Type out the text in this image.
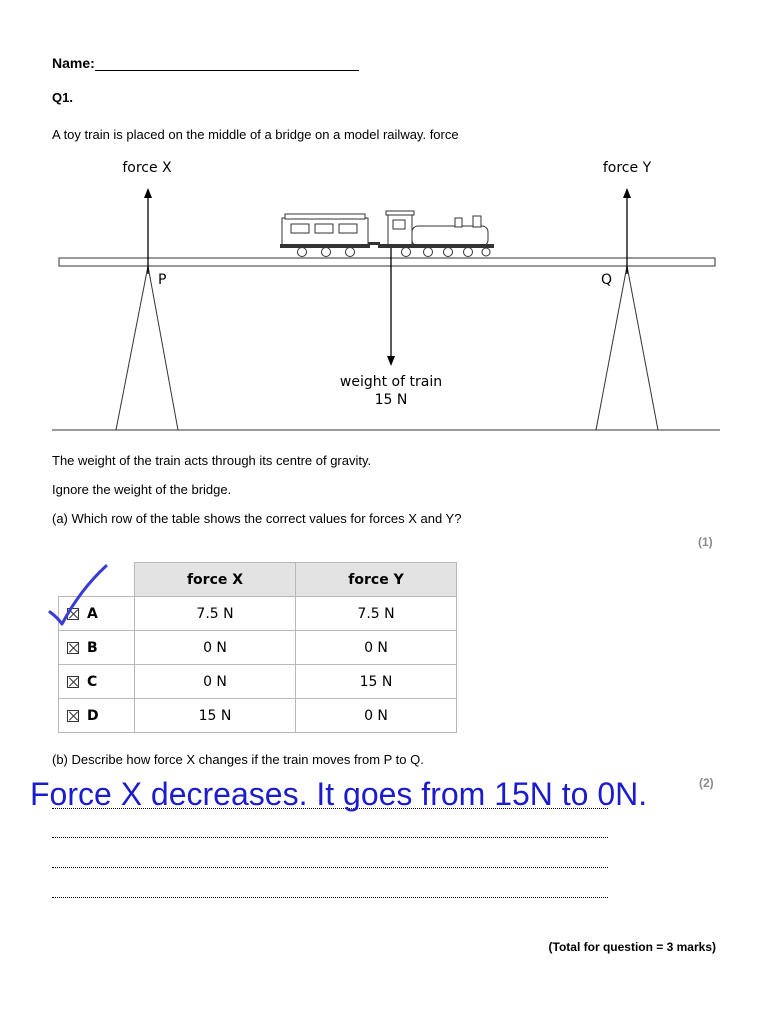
Name:
Q1.
A toy train is placed on the middle of a bridge on a model railway. force
force X	force Y
P	Q
weight of train
15 N
The weight of the train acts through its centre of gravity.
Ignore the weight of the bridge.
(a) Which row of the table shows the correct values for forces X and Y?
(1)
	force X	force Y

A	7.5 N	7.5 N

B	0 N	0 N

C	0 N	15 N

D	15 N	0 N
(b) Describe how force X changes if the train moves from P to Q.
(2)
Force X decreases. It goes from 15N to 0N.
(Total for question = 3 marks)
